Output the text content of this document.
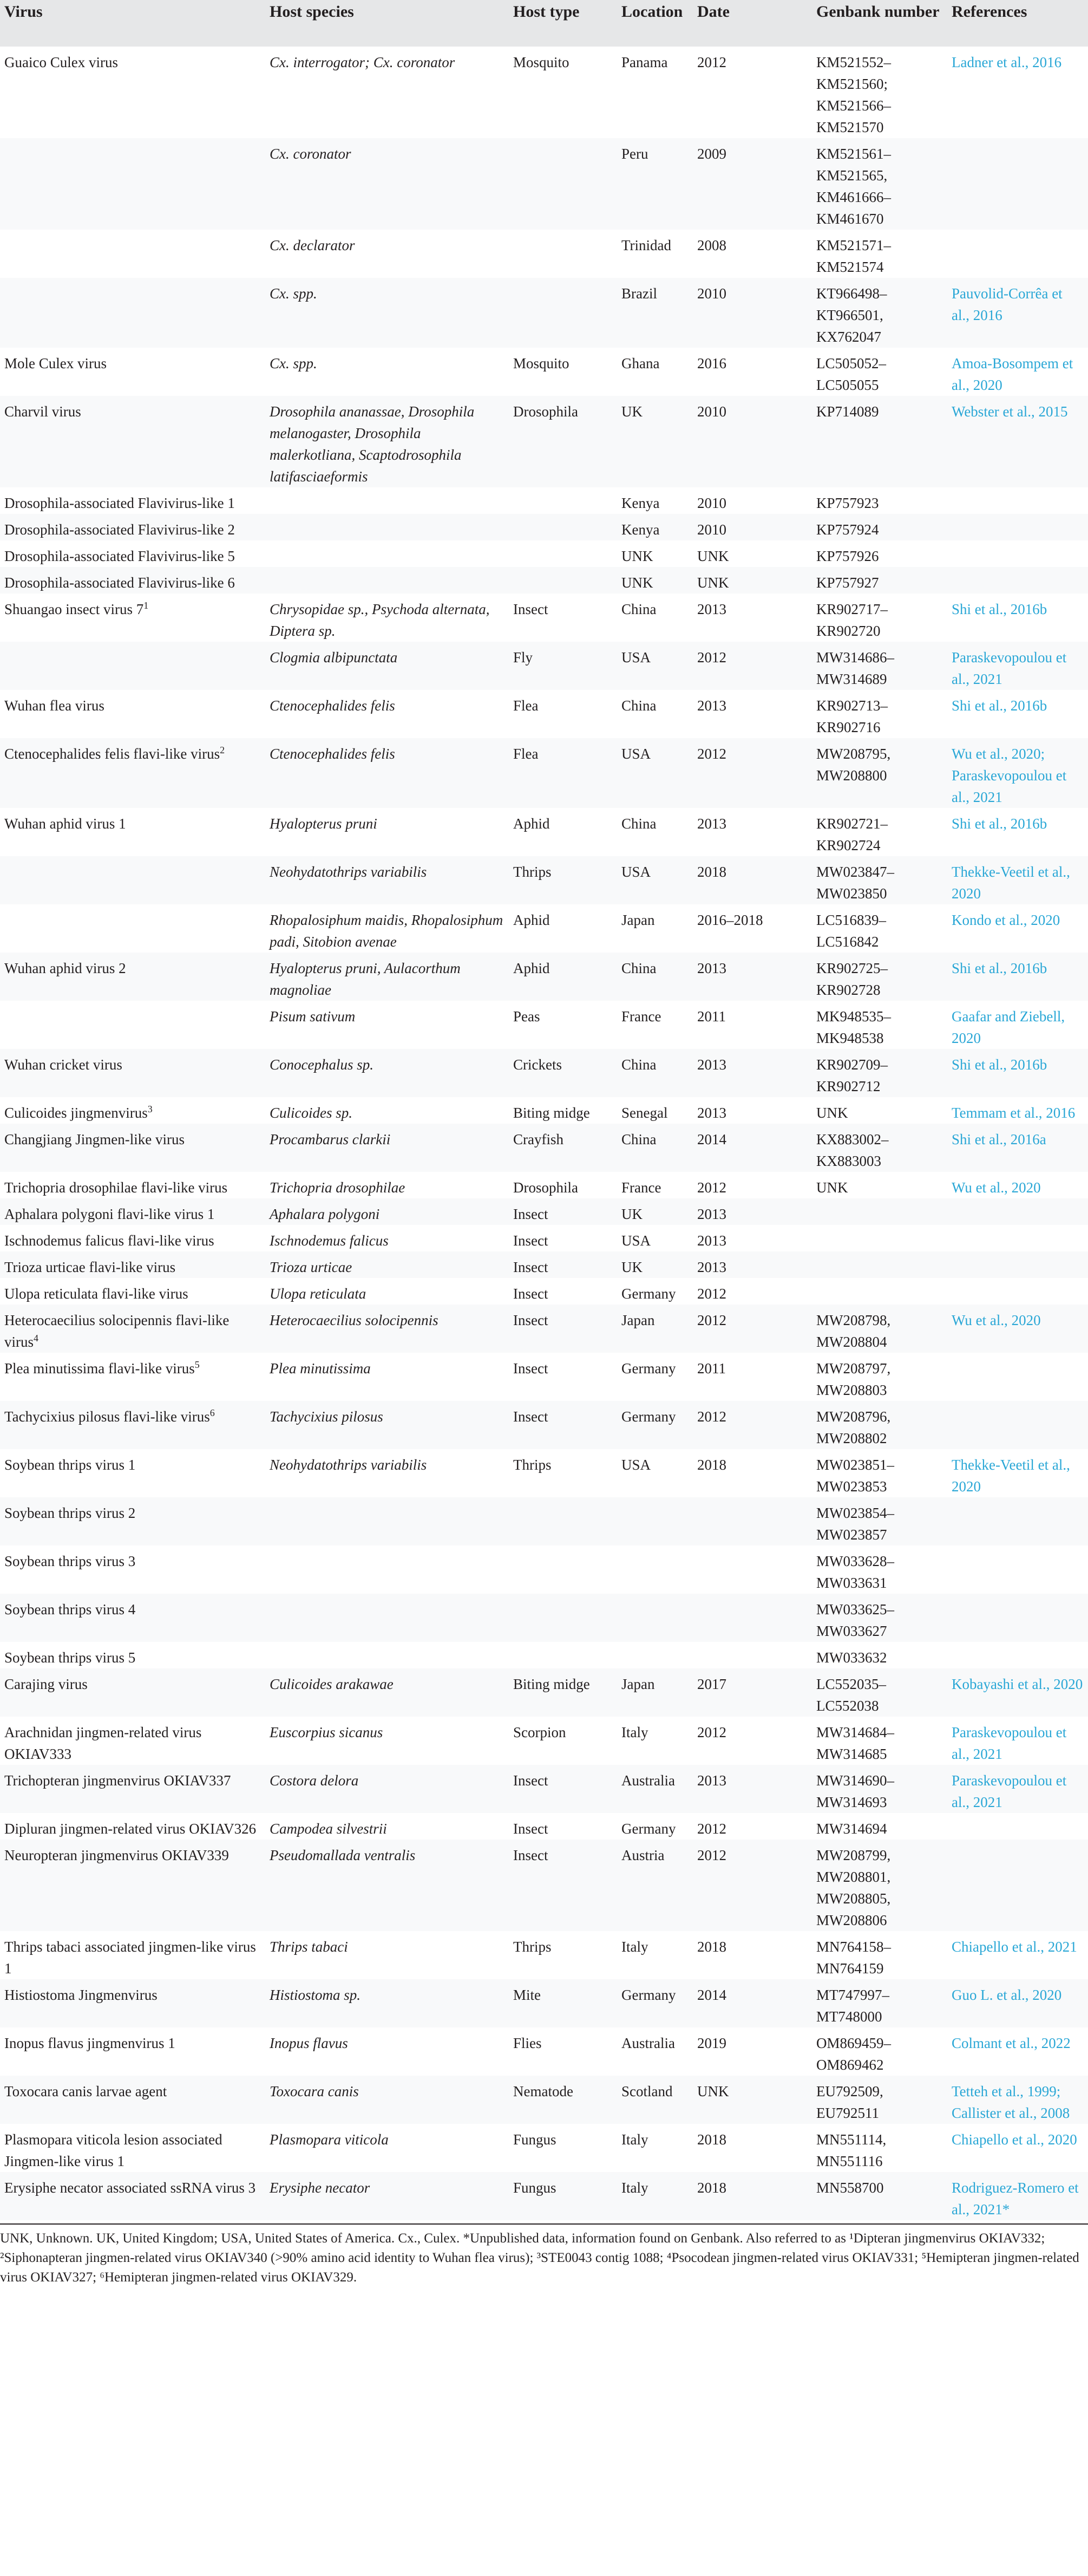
Virus	Host species	Host type	Location	Date	Genbank number	References
Guaico Culex virus	Cx. interrogator; Cx. coronator	Mosquito	Panama	2012	KM521552–KM521560; KM521566–KM521570	Ladner et al., 2016
	Cx. coronator		Peru	2009	KM521561–KM521565, KM461666–KM461670	
	Cx. declarator		Trinidad	2008	KM521571–KM521574	
	Cx. spp.		Brazil	2010	KT966498–KT966501, KX762047	Pauvolid-Corrêa et al., 2016
Mole Culex virus	Cx. spp.	Mosquito	Ghana	2016	LC505052–LC505055	Amoa-Bosompem et al., 2020
Charvil virus	Drosophila ananassae, Drosophila melanogaster, Drosophila malerkotliana, Scaptodrosophila latifasciaeformis	Drosophila	UK	2010	KP714089	Webster et al., 2015
Drosophila-associated Flavivirus-like 1			Kenya	2010	KP757923	
Drosophila-associated Flavivirus-like 2			Kenya	2010	KP757924	
Drosophila-associated Flavivirus-like 5			UNK	UNK	KP757926	
Drosophila-associated Flavivirus-like 6			UNK	UNK	KP757927	
Shuangao insect virus $7^1$	Chrysopidae sp., Psychoda alternata, Diptera sp.	Insect	China	2013	KR902717–KR902720	Shi et al., 2016b
	Clogmia albipunctata	Fly	USA	2012	MW314686–MW314689	Paraskevopoulou et al., 2021
Wuhan flea virus	Ctenocephalides felis	Flea	China	2013	KR902713–KR902716	Shi et al., 2016b
Ctenocephalides felis flavi-like virus$^2$	Ctenocephalides felis	Flea	USA	2012	MW208795, MW208800	Wu et al., 2020; Paraskevopoulou et al., 2021
Wuhan aphid virus 1	Hyalopterus pruni	Aphid	China	2013	KR902721–KR902724	Shi et al., 2016b
	Neohydatothrips variabilis	Thrips	USA	2018	MW023847–MW023850	Thekke-Veetil et al., 2020
	Rhopalosiphum maidis, Rhopalosiphum padi, Sitobion avenae	Aphid	Japan	2016–2018	LC516839–LC516842	Kondo et al., 2020
Wuhan aphid virus 2	Hyalopterus pruni, Aulacorthum magnoliae	Aphid	China	2013	KR902725–KR902728	Shi et al., 2016b
	Pisum sativum	Peas	France	2011	MK948535–MK948538	Gaafar and Ziebell, 2020
Wuhan cricket virus	Conocephalus sp.	Crickets	China	2013	KR902709–KR902712	Shi et al., 2016b
Culicoides jingmenvirus$^3$	Culicoides sp.	Biting midge	Senegal	2013	UNK	Temmam et al., 2016
Changjiang Jingmen-like virus	Procambarus clarkii	Crayfish	China	2014	KX883002–KX883003	Shi et al., 2016a
Trichopria drosophilae flavi-like virus	Trichopria drosophilae	Drosophila	France	2012	UNK	Wu et al., 2020
Aphalara polygoni flavi-like virus 1	Aphalara polygoni	Insect	UK	2013		
Ischnodemus falicus flavi-like virus	Ischnodemus falicus	Insect	USA	2013		
Trioza urticae flavi-like virus	Trioza urticae	Insect	UK	2013		
Ulopa reticulata flavi-like virus	Ulopa reticulata	Insect	Germany	2012		
Heterocaecilius solocipennis flavi-like virus$^4$	Heterocaecilius solocipennis	Insect	Japan	2012	MW208798, MW208804	Wu et al., 2020
Plea minutissima flavi-like virus$^5$	Plea minutissima	Insect	Germany	2011	MW208797, MW208803	
Tachycixius pilosus flavi-like virus$^6$	Tachycixius pilosus	Insect	Germany	2012	MW208796, MW208802	
Soybean thrips virus 1	Neohydatothrips variabilis	Thrips	USA	2018	MW023851–MW023853	Thekke-Veetil et al., 2020
Soybean thrips virus 2					MW023854–MW023857	
Soybean thrips virus 3					MW033628–MW033631	
Soybean thrips virus 4					MW033625–MW033627	
Soybean thrips virus 5					MW033632	
Carajing virus	Culicoides arakawae	Biting midge	Japan	2017	LC552035–LC552038	Kobayashi et al., 2020
Arachnidan jingmen-related virus OKIAV333	Euscorpius sicanus	Scorpion	Italy	2012	MW314684–MW314685	Paraskevopoulou et al., 2021
Trichopteran jingmenvirus OKIAV337	Costora delora	Insect	Australia	2013	MW314690–MW314693	Paraskevopoulou et al., 2021
Dipluran jingmen-related virus OKIAV326	Campodea silvestrii	Insect	Germany	2012	MW314694	
Neuropteran jingmenvirus OKIAV339	Pseudomallada ventralis	Insect	Austria	2012	MW208799, MW208801, MW208805, MW208806	
Thrips tabaci associated jingmen-like virus 1	Thrips tabaci	Thrips	Italy	2018	MN764158–MN764159	Chiapello et al., 2021
Histiostoma Jingmenvirus	Histiostoma sp.	Mite	Germany	2014	MT747997–MT748000	Guo L. et al., 2020
Inopus flavus jingmenvirus 1	Inopus flavus	Flies	Australia	2019	OM869459–OM869462	Colmant et al., 2022
Toxocara canis larvae agent	Toxocara canis	Nematode	Scotland	UNK	EU792509, EU792511	Tetteh et al., 1999; Callister et al., 2008
Plasmopara viticola lesion associated Jingmen-like virus 1	Plasmopara viticola	Fungus	Italy	2018	MN551114, MN551116	Chiapello et al., 2020
Erysiphe necator associated ssRNA virus 3	Erysiphe necator	Fungus	Italy	2018	MN558700	Rodriguez-Romero et al., 2021*
UNK, Unknown. UK, United Kingdom; USA, United States of America. Cx., Culex. *Unpublished data, information found on Genbank. Also referred to as ¹Dipteran jingmenvirus OKIAV332; ²Siphonapteran jingmen-related virus OKIAV340 (>90% amino acid identity to Wuhan flea virus); ³STE0043 contig 1088; ⁴Psocodean jingmen-related virus OKIAV331; ⁵Hemipteran jingmen-related virus OKIAV327; ⁶Hemipteran jingmen-related virus OKIAV329.
